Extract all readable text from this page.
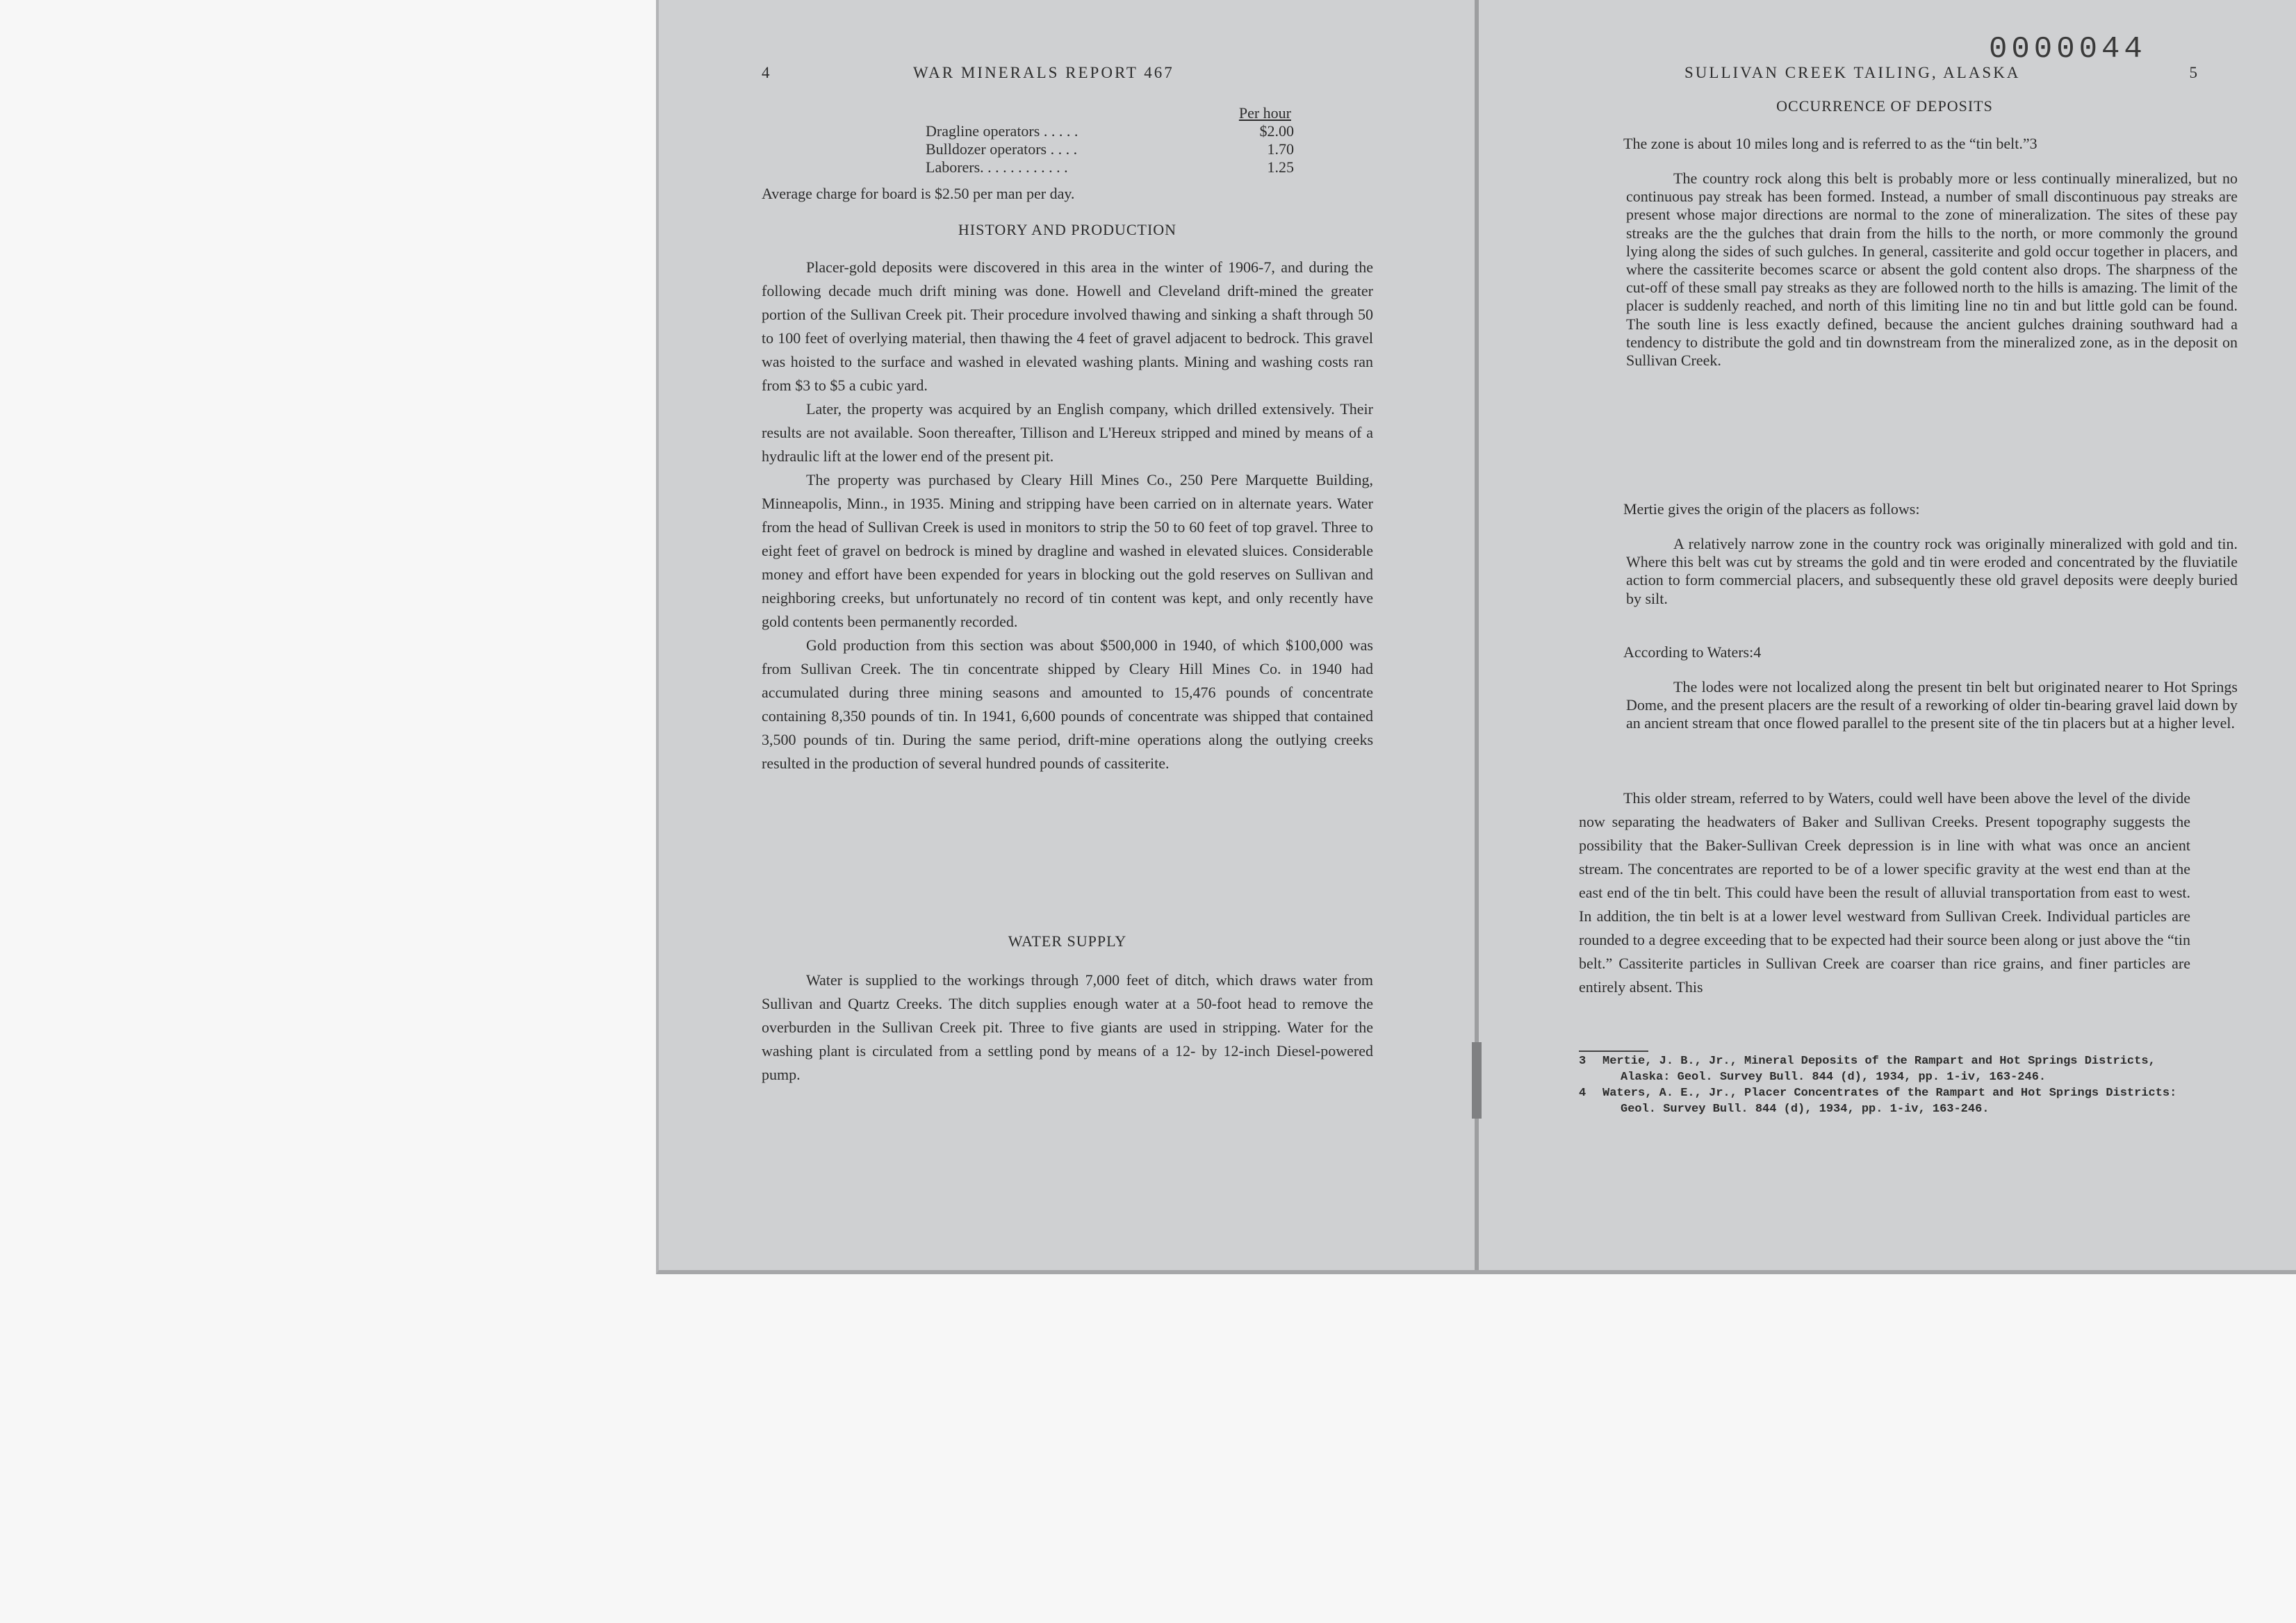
0000044
4	WAR MINERALS REPORT 467
Per hour
Dragline operators . . . . .	$2.00
Bulldozer operators . . . .	1.70
Laborers. . . . . . . . . . . .	1.25

Average charge for board is $2.50 per man per day.

HISTORY AND PRODUCTION

Placer-gold deposits were discovered in this area in the winter of 1906-7, and during the following decade much drift mining was done. Howell and Cleveland drift-mined the greater portion of the Sullivan Creek pit. Their procedure involved thawing and sinking a shaft through 50 to 100 feet of overlying material, then thawing the 4 feet of gravel adjacent to bedrock. This gravel was hoisted to the surface and washed in elevated washing plants. Mining and washing costs ran from $3 to $5 a cubic yard.

Later, the property was acquired by an English company, which drilled extensively. Their results are not available. Soon thereafter, Tillison and L'Hereux stripped and mined by means of a hydraulic lift at the lower end of the present pit.

The property was purchased by Cleary Hill Mines Co., 250 Pere Marquette Building, Minneapolis, Minn., in 1935. Mining and stripping have been carried on in alternate years. Water from the head of Sullivan Creek is used in monitors to strip the 50 to 60 feet of top gravel. Three to eight feet of gravel on bedrock is mined by dragline and washed in elevated sluices. Considerable money and effort have been expended for years in blocking out the gold reserves on Sullivan and neighboring creeks, but unfortunately no record of tin content was kept, and only recently have gold contents been permanently recorded.

Gold production from this section was about $500,000 in 1940, of which $100,000 was from Sullivan Creek. The tin concentrate shipped by Cleary Hill Mines Co. in 1940 had accumulated during three mining seasons and amounted to 15,476 pounds of concentrate containing 8,350 pounds of tin. In 1941, 6,600 pounds of concentrate was shipped that contained 3,500 pounds of tin. During the same period, drift-mine operations along the outlying creeks resulted in the production of several hundred pounds of cassiterite.

WATER SUPPLY

Water is supplied to the workings through 7,000 feet of ditch, which draws water from Sullivan and Quartz Creeks. The ditch supplies enough water at a 50-foot head to remove the overburden in the Sullivan Creek pit. Three to five giants are used in stripping. Water for the washing plant is circulated from a settling pond by means of a 12- by 12-inch Diesel-powered pump.

SULLIVAN CREEK TAILING, ALASKA	5
OCCURRENCE OF DEPOSITS

The zone is about 10 miles long and is referred to as the “tin belt.”3

The country rock along this belt is probably more or less continually mineralized, but no continuous pay streak has been formed. Instead, a number of small discontinuous pay streaks are present whose major directions are normal to the zone of mineralization. The sites of these pay streaks are the the gulches that drain from the hills to the north, or more commonly the ground lying along the sides of such gulches. In general, cassiterite and gold occur together in placers, and where the cassiterite becomes scarce or absent the gold content also drops. The sharpness of the cut-off of these small pay streaks as they are followed north to the hills is amazing. The limit of the placer is suddenly reached, and north of this limiting line no tin and but little gold can be found. The south line is less exactly defined, because the ancient gulches draining southward had a tendency to distribute the gold and tin downstream from the mineralized zone, as in the deposit on Sullivan Creek.

Mertie gives the origin of the placers as follows:

A relatively narrow zone in the country rock was originally mineralized with gold and tin. Where this belt was cut by streams the gold and tin were eroded and concentrated by the fluviatile action to form commercial placers, and subsequently these old gravel deposits were deeply buried by silt.

According to Waters:4

The lodes were not localized along the present tin belt but originated nearer to Hot Springs Dome, and the present placers are the result of a reworking of older tin-bearing gravel laid down by an ancient stream that once flowed parallel to the present site of the tin placers but at a higher level.

This older stream, referred to by Waters, could well have been above the level of the divide now separating the headwaters of Baker and Sullivan Creeks. Present topography suggests the possibility that the Baker-Sullivan Creek depression is in line with what was once an ancient stream. The concentrates are reported to be of a lower specific gravity at the west end than at the east end of the tin belt. This could have been the result of alluvial transportation from east to west. In addition, the tin belt is at a lower level westward from Sullivan Creek. Individual particles are rounded to a degree exceeding that to be expected had their source been along or just above the “tin belt.” Cassiterite particles in Sullivan Creek are coarser than rice grains, and finer particles are entirely absent. This

3 Mertie, J. B., Jr., Mineral Deposits of the Rampart and Hot Springs Districts, Alaska: Geol. Survey Bull. 844 (d), 1934, pp. 1-iv, 163-246.
4 Waters, A. E., Jr., Placer Concentrates of the Rampart and Hot Springs Districts: Geol. Survey Bull. 844 (d), 1934, pp. 1-iv, 163-246.
